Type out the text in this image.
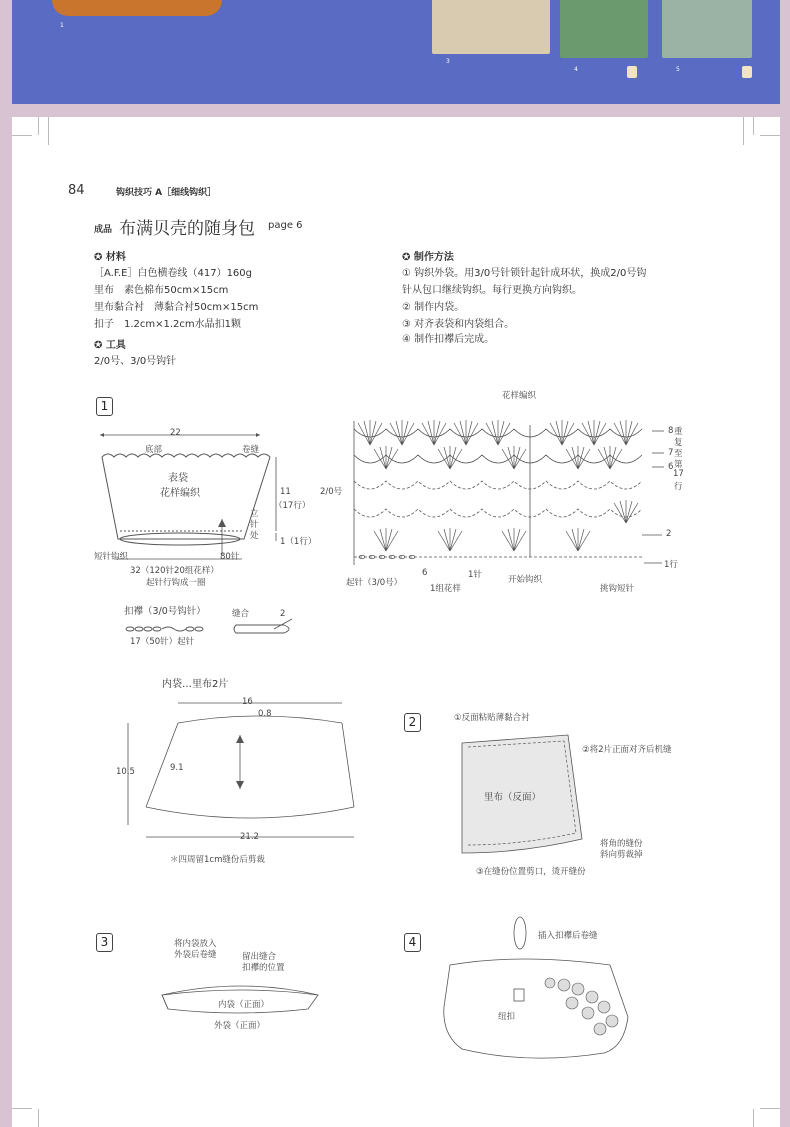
1
3
4	5
84	钩织技巧 A［细线钩织］
成品 布满贝壳的随身包 page 6
✪ 材料
［A.F.E］白色横卷线（417）160g
里布　素色棉布50cm×15cm
里布黏合衬　薄黏合衬50cm×15cm
扣子　1.2cm×1.2cm水晶扣1颗
✪ 工具
2/0号、3/0号钩针
✪ 制作方法
① 钩织外袋。用3/0号针锁针起针成环状，换成2/0号钩
针从包口继续钩织。每行更换方向钩织。
② 制作内袋。
③ 对齐表袋和内袋组合。
④ 制作扣襻后完成。
1
22
底部	卷缝
表袋
花样编织	11
（17行）
立
针
处
1（1行）
短针钩织	80针
32（120针20组花样）
起针行钩成一圈
扣襻（3/0号钩针）	缝合	2
17（50针）起针
花样编织
2/0号
8
7
6
2
1行
重
复
至
第
17
行
起针（3/0号）
6	1针
1组花样
开始钩织
挑钩短针
内袋…里布2片
16
0.8
9.1
10.5
21.2
＊四周留1cm缝份后剪裁
2	①反面粘贴薄黏合衬
②将2片正面对齐后机缝
里布（反面）
将角的缝份
斜向剪裁掉
③在缝份位置剪口，烫开缝份
3	将内袋放入
外袋后卷缝	留出缝合
扣襻的位置
内袋（正面）
外袋（正面）
4	插入扣襻后卷缝
纽扣
